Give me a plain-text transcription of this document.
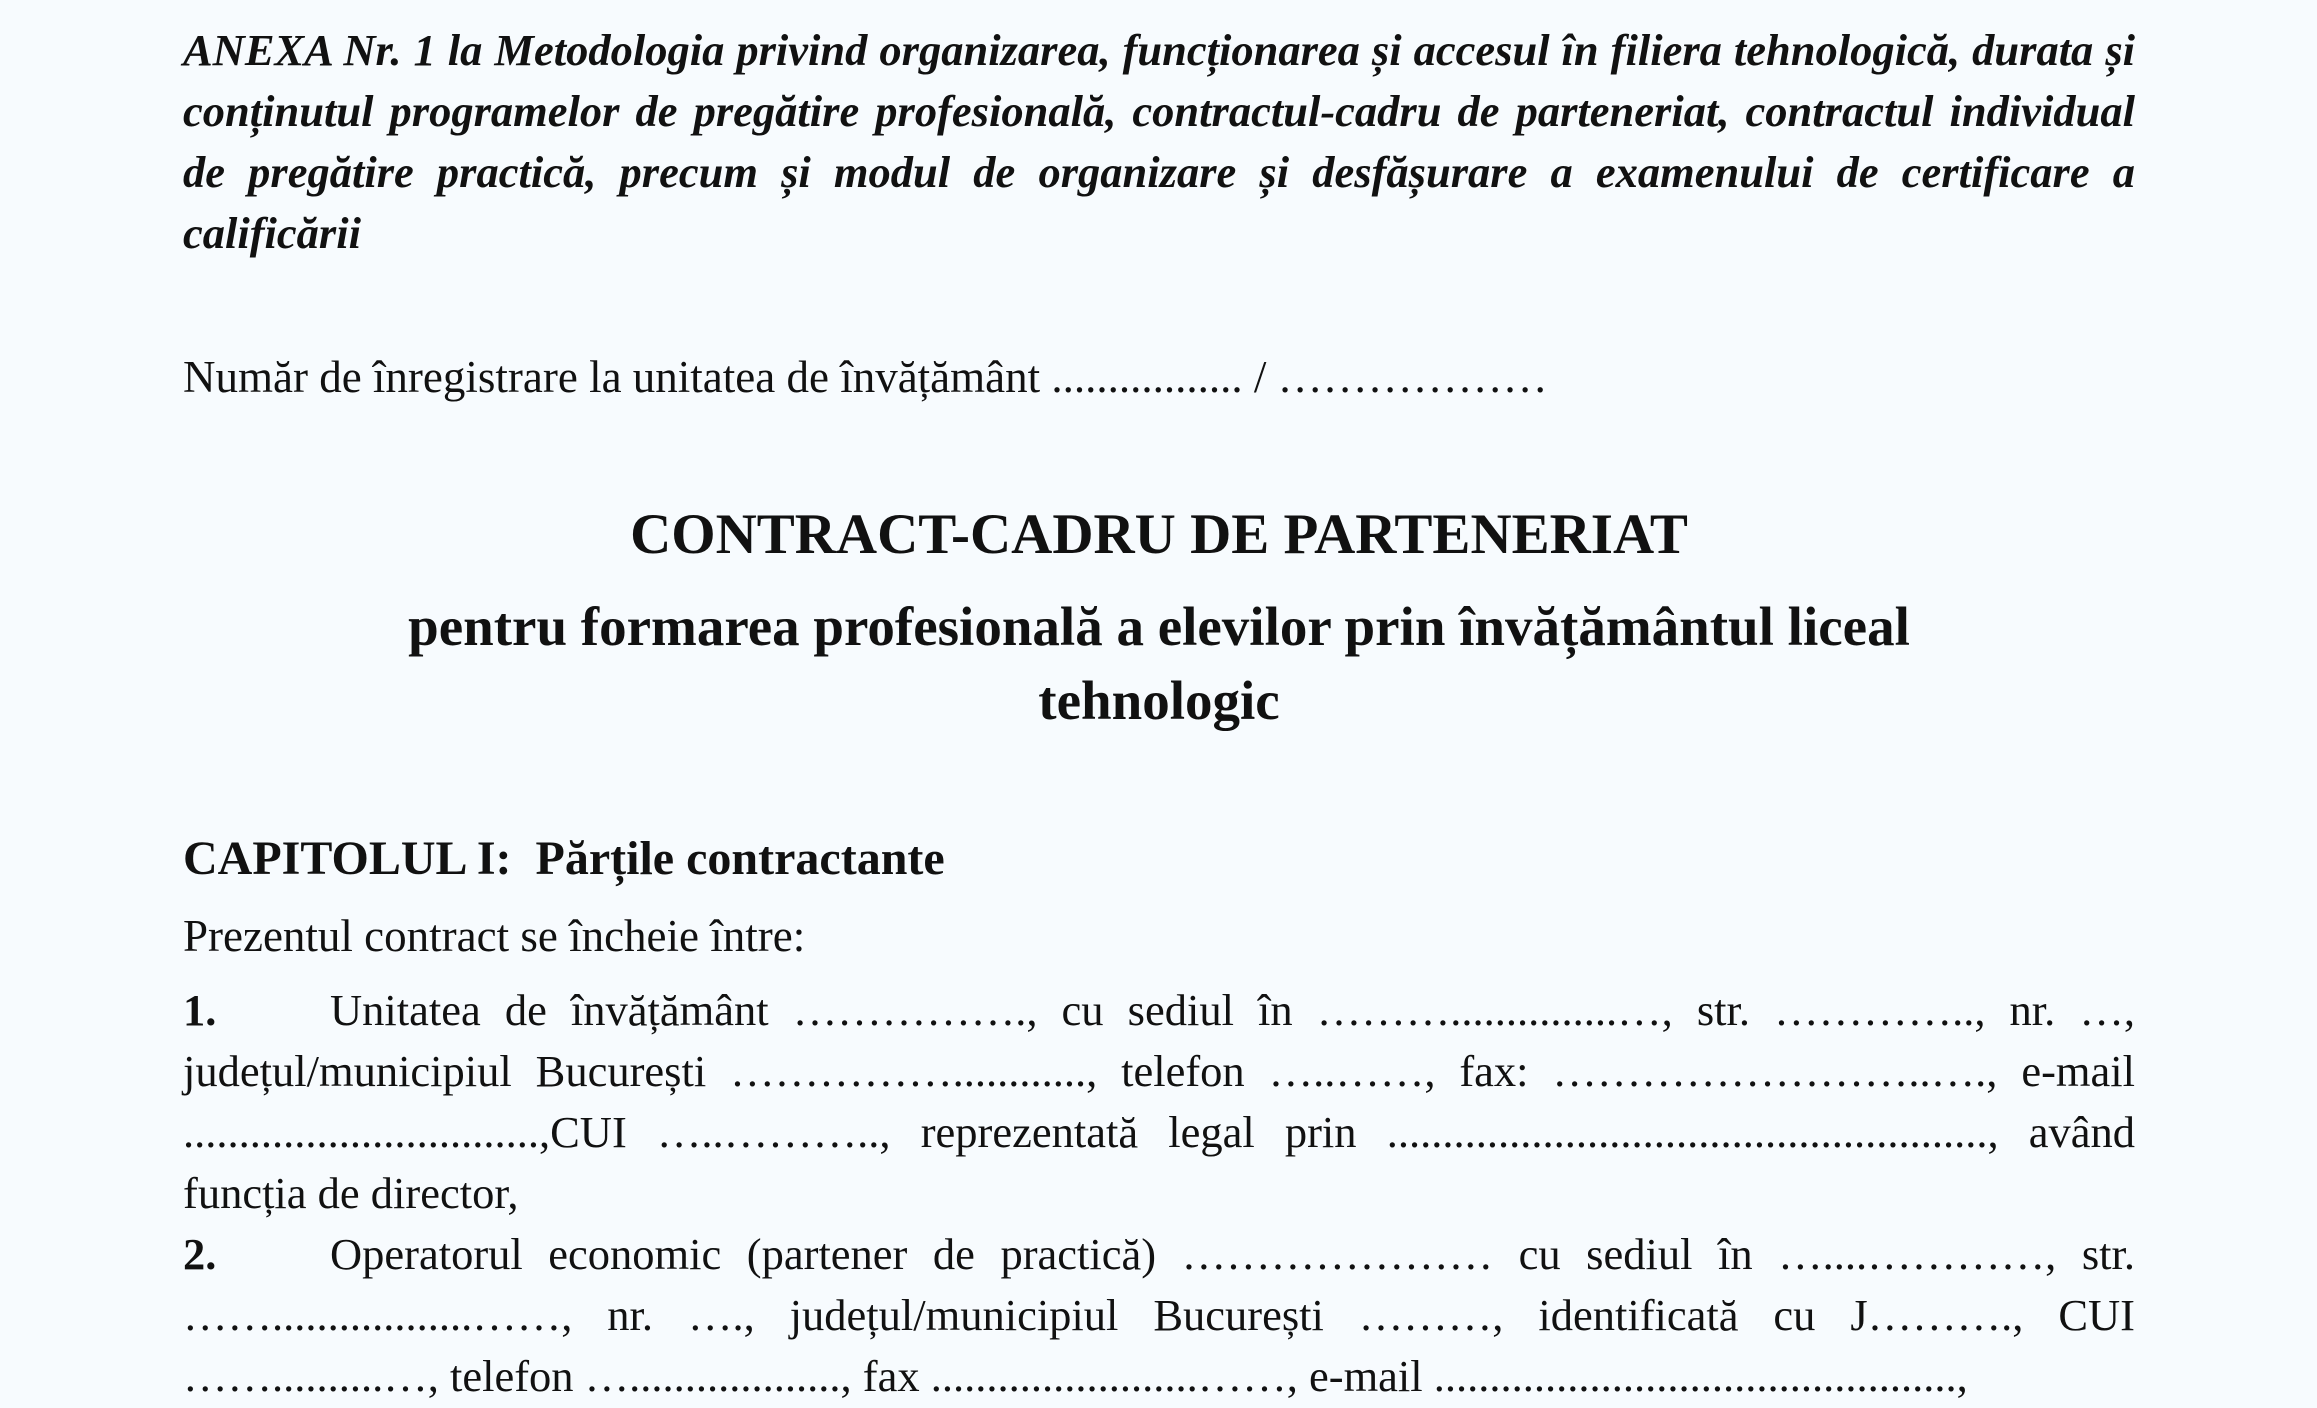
ANEXA Nr. 1 la Metodologia privind organizarea, funcționarea și accesul în filiera tehnologică, durata și conținutul programelor de pregătire profesională, contractul-cadru de parteneriat, contractul individual de pregătire practică, precum și modul de organizare și desfășurare a examenului de certificare a calificării
Număr de înregistrare la unitatea de învățământ ................. / ………………
CONTRACT-CADRU DE PARTENERIAT
pentru formarea profesională a elevilor prin învățământul liceal
tehnologic
CAPITOLUL I:  Părțile contractante
Prezentul contract se încheie între:
1.	Unitatea de învățământ ……………., cu sediul în ………...............…, str. ………….., nr. …, județul/municipiul București ……………............, telefon …..……, fax: ……………………..…., e-mail ................................,CUI …..……….., reprezentată legal prin ......................................................, având funcția de director,
2.	Operatorul economic (partener de practică) ………………… cu sediul în …....…………, str. ……..................……, nr. …., județul/municipiul București ………, identificată cu J………., CUI ……..........…, telefon …..................., fax ........................……, e-mail ...............................................,
